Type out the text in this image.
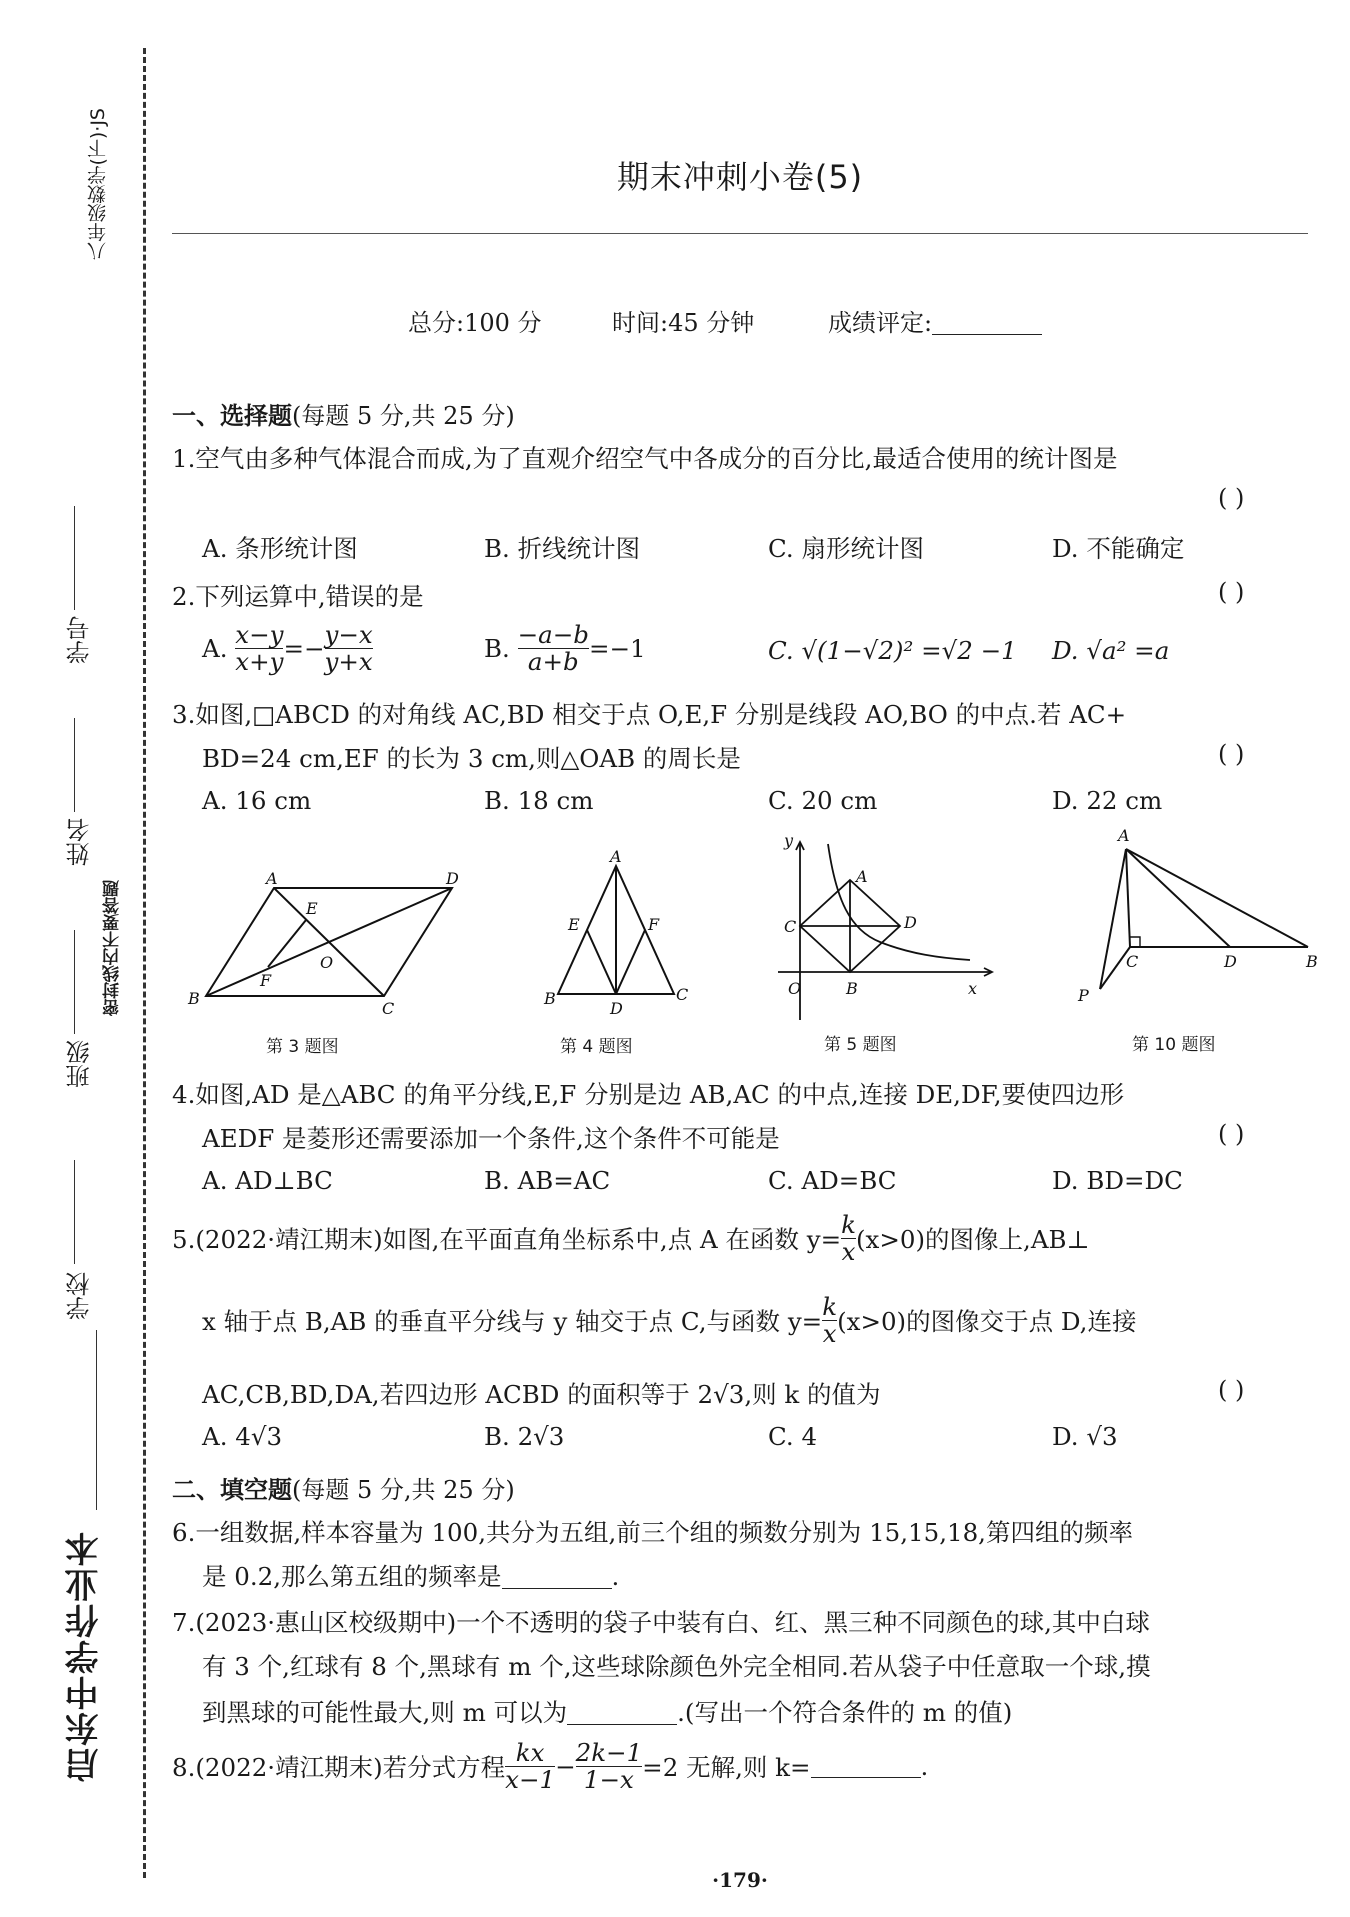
八年级数学(下)·JS
密封线内不要答题
启东中学作业本
学校
班级
姓名
学号
期末冲刺小卷(5)
总分:100 分	时间:45 分钟	成绩评定:
一、选择题(每题 5 分,共 25 分)
1.空气由多种气体混合而成,为了直观介绍空气中各成分的百分比,最适合使用的统计图是
( )
A. 条形统计图	B. 折线统计图	C. 扇形统计图	D. 不能确定
2.下列运算中,错误的是	( )
A. $\frac{x-y}{x+y} =- \frac{y-x}{y+x}$	B. $\frac{-a-b}{a+b} =-1$	C. √(1−√2)² =√2 −1 D. √a² =a
3.如图,□ABCD 的对角线 AC,BD 相交于点 O,E,F 分别是线段 AO,BO 的中点.若 AC+
BD=24 cm,EF 的长为 3 cm,则△OAB 的周长是	( )
A. 16 cm	B. 18 cm	C. 20 cm	D. 22 cm
A	D
B
C
E
F
O
第 3 题图
A
B	C
D
E	F
第 4 题图
y
x
O
A
B
C	D
第 5 题图
A
B
C	D
P
第 10 题图
4.如图,AD 是△ABC 的角平分线,E,F 分别是边 AB,AC 的中点,连接 DE,DF,要使四边形
AEDF 是菱形还需要添加一个条件,这个条件不可能是	( )
A. AD⊥BC	B. AB=AC	C. AD=BC	D. BD=DC
5.(2022·靖江期末)如图,在平面直角坐标系中,点 A 在函数 $y= \frac{k}{x} (x>0)$的图像上,AB⊥
x 轴于点 B,AB 的垂直平分线与 y 轴交于点 C,与函数 $y= \frac{k}{x} (x>0)$的图像交于点 D,连接
AC,CB,BD,DA,若四边形 ACBD 的面积等于 2√3,则 k 的值为	( )
A. 4√3	B. 2√3	C. 4	D. √3
二、填空题(每题 5 分,共 25 分)
6.一组数据,样本容量为 100,共分为五组,前三个组的频数分别为 15,15,18,第四组的频率
是 0.2,那么第五组的频率是	.
7.(2023·惠山区校级期中)一个不透明的袋子中装有白、红、黑三种不同颜色的球,其中白球
有 3 个,红球有 8 个,黑球有 m 个,这些球除颜色外完全相同.若从袋子中任意取一个球,摸
到黑球的可能性最大,则 m 可以为	.(写出一个符合条件的 m 的值)
8.(2022·靖江期末)若分式方程 $\frac{kx}{x-1} - \frac{2k-1}{1-x} =2$ 无解,则 k=	.
·179·
